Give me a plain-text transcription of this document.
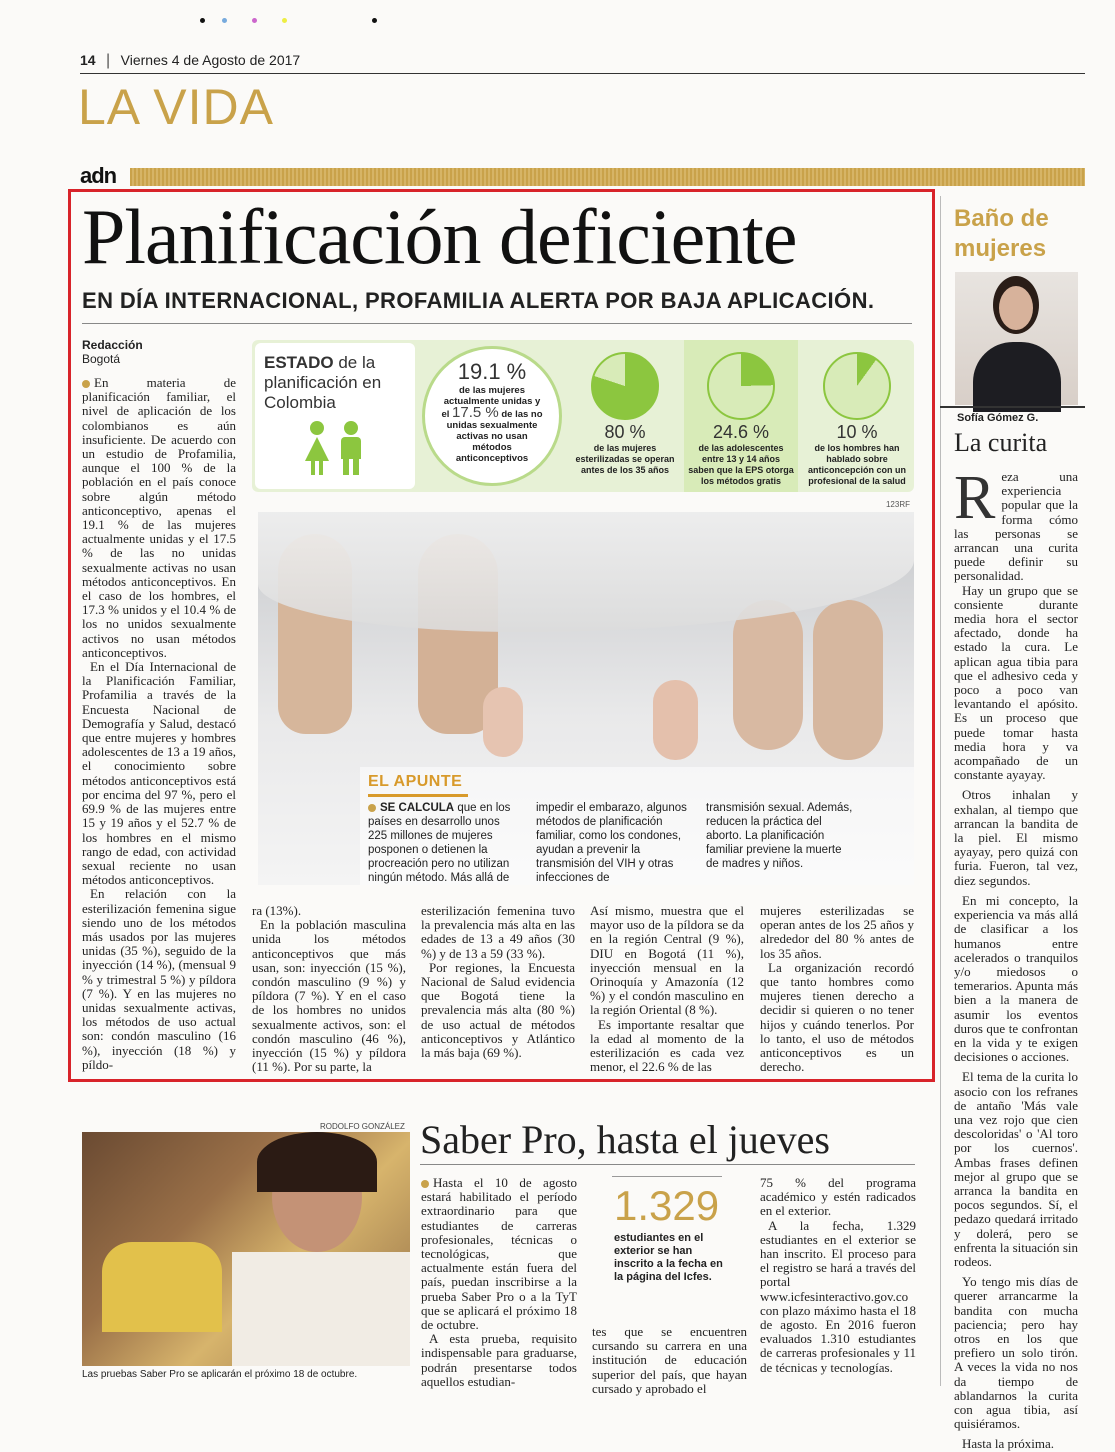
14 | Viernes 4 de Agosto de 2017
LA VIDA
adn
Planificación deficiente
EN DÍA INTERNACIONAL, PROFAMILIA ALERTA POR BAJA APLICACIÓN.
Redacción
Bogotá

En materia de planificación familiar, el nivel de aplicación de los colombianos es aún insuficiente. De acuerdo con un estudio de Profamilia, aunque el 100 % de la población en el país conoce sobre algún método anticonceptivo, apenas el 19.1 % de las mujeres actualmente unidas y el 17.5 % de las no unidas sexualmente activas no usan métodos anticonceptivos. En el caso de los hombres, el 17.3 % unidos y el 10.4 % de los no unidos sexualmente activos no usan métodos anticonceptivos.

En el Día Internacional de la Planificación Familiar, Profamilia a través de la Encuesta Nacional de Demografía y Salud, destacó que entre mujeres y hombres adolescentes de 13 a 19 años, el conocimiento sobre métodos anticonceptivos está por encima del 97 %, pero el 69.9 % de las mujeres entre 15 y 19 años y el 52.7 % de los hombres en el mismo rango de edad, con actividad sexual reciente no usan métodos anticonceptivos.

En relación con la esterilización femenina sigue siendo uno de los métodos más usados por las mujeres unidas (35 %), seguido de la inyección (14 %), (mensual 9 % y trimestral 5 %) y píldora (7 %). Y en las mujeres no unidas sexualmente activas, los métodos de uso actual son: condón masculino (16 %), inyección (18 %) y píldo-

ESTADO de la planificación en Colombia
19.1 %
de las mujeres actualmente unidas y el 17.5 % de las no unidas sexualmente activas no usan métodos anticonceptivos
80 %
de las mujeres esterilizadas se operan antes de los 35 años
24.6 %
de las adolescentes entre 13 y 14 años saben que la EPS otorga los métodos gratis
10 %
de los hombres han hablado sobre anticoncepción con un profesional de la salud
123RF
EL APUNTE
SE CALCULA que en los países en desarrollo unos 225 millones de mujeres posponen o detienen la procreación pero no utilizan ningún método. Más allá de
impedir el embarazo, algunos métodos de planificación familiar, como los condones, ayudan a prevenir la transmisión del VIH y otras infecciones de
transmisión sexual. Además, reducen la práctica del aborto. La planificación familiar previene la muerte de madres y niños.

ra (13%).

En la población masculina unida los métodos anticonceptivos que más usan, son: inyección (15 %), condón masculino (9 %) y píldora (7 %). Y en el caso de los hombres no unidos sexualmente activos, son: el condón masculino (46 %), inyección (15 %) y píldora (11 %). Por su parte, la

esterilización femenina tuvo la prevalencia más alta en las edades de 13 a 49 años (30 %) y de 13 a 59 (33 %).

Por regiones, la Encuesta Nacional de Salud evidencia que Bogotá tiene la prevalencia más alta (80 %) de uso actual de métodos anticonceptivos y Atlántico la más baja (69 %).

Así mismo, muestra que el mayor uso de la píldora se da en la región Central (9 %), DIU en Bogotá (11 %), inyección mensual en la Orinoquía y Amazonía (12 %) y el condón masculino en la región Oriental (8 %).

Es importante resaltar que la edad al momento de la esterilización es cada vez menor, el 22.6 % de las

mujeres esterilizadas se operan antes de los 25 años y alrededor del 80 % antes de los 35 años.

La organización recordó que tanto hombres como mujeres tienen derecho a decidir si quieren o no tener hijos y cuándo tenerlos. Por lo tanto, el uso de métodos anticonceptivos es un derecho.

Baño de mujeres
Sofía Gómez G.
La curita

Reza una experiencia popular que la forma cómo las personas se arrancan una curita puede definir su personalidad.

Hay un grupo que se consiente durante media hora el sector afectado, donde ha estado la cura. Le aplican agua tibia para que el adhesivo ceda y poco a poco van levantando el apósito. Es un proceso que puede tomar hasta media hora y va acompañado de un constante ayayay.

Otros inhalan y exhalan, al tiempo que arrancan la bandita de la piel. El mismo ayayay, pero quizá con furia. Fueron, tal vez, diez segundos.

En mi concepto, la experiencia va más allá de clasificar a los humanos entre acelerados o tranquilos y/o miedosos o temerarios. Apunta más bien a la manera de asumir los eventos duros que te confrontan en la vida y te exigen decisiones o acciones.

El tema de la curita lo asocio con los refranes de antaño 'Más vale una vez rojo que cien descoloridas' o 'Al toro por los cuernos'. Ambas frases definen mejor al grupo que se arranca la bandita en pocos segundos. Sí, el pedazo quedará irritado y dolerá, pero se enfrenta la situación sin rodeos.

Yo tengo mis días de querer arrancarme la bandita con mucha paciencia; pero hay otros en los que prefiero un solo tirón. A veces la vida no nos da tiempo de ablandarnos la curita con agua tibia, así quisiéramos.

Hasta la próxima.

RODOLFO GONZÁLEZ
Las pruebas Saber Pro se aplicarán el próximo 18 de octubre.
Saber Pro, hasta el jueves

Hasta el 10 de agosto estará habilitado el período extraordinario para que estudiantes de carreras profesionales, técnicas o tecnológicas, que actualmente están fuera del país, puedan inscribirse a la prueba Saber Pro o a la TyT que se aplicará el próximo 18 de octubre.

A esta prueba, requisito indispensable para graduarse, podrán presentarse todos aquellos estudian-

1.329
estudiantes en el exterior se han inscrito a la fecha en la página del Icfes.
tes que se encuentren cursando su carrera en una institución de educación superior del país, que hayan cursado y aprobado el

75 % del programa académico y estén radicados en el exterior.

A la fecha, 1.329 estudiantes en el exterior se han inscrito. El proceso para el registro se hará a través del portal www.icfesinteractivo.gov.co con plazo máximo hasta el 18 de agosto. En 2016 fueron evaluados 1.310 estudiantes de carreras profesionales y 11 de técnicas y tecnologías.
